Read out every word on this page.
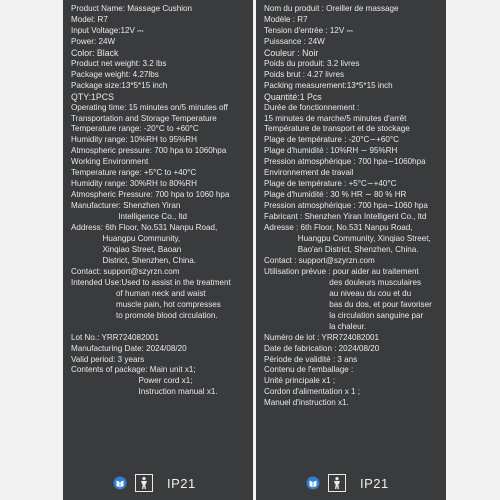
Product Name: Massage Cushion
Model: R7
Input Voltage:12V ⎓
Power: 24W
Color: Black
Product net weight: 3.2 lbs
Package weight: 4.27lbs
Package size:13*5*15 inch
QTY:1PCS
Operating time: 15 minutes on/5 minutes off
Transportation and Storage Temperature
Temperature range: -20°C to +60°C
Humidity range: 10%RH to 95%RH
Atmospheric pressure: 700 hpa to 1060hpa
Working Environment
Temperature range: +5°C to +40°C
Humidity range: 30%RH to 80%RH
Atmospheric Pressure: 700 hpa to 1060 hpa
Manufacturer: Shenzhen Yiran
Intelligence Co., ltd
Address: 6th Floor, No.531 Nanpu Road,
Huangpu Community,
Xinqiao Street, Baoan
District, Shenzhen, China.
Contact: support@szyrzn.com
Intended Use:Used to assist in the treatment
of human neck and waist
muscle pain, hot compresses
to promote blood circulation.

Lot No.: YRR724082001
Manufacturing Date: 2024/08/20
Valid period: 3 years
Contents of package: Main unit x1;
Power cord x1;
Instruction manual x1.
IP21
Nom du produit : Oreiller de massage
Modèle : R7
Tension d'entrée : 12V ⎓
Puissance : 24W
Couleur : Noir
Poids du produit: 3.2 livres
Poids brut : 4.27 livres
Packing measurement:13*5*15 inch
Quantité:1 Pcs
Durée de fonctionnement :
15 minutes de marche/5 minutes d'arrêt
Température de transport et de stockage
Plage de température : -20°C∼+60°C
Plage d'humidité : 10%RH ∼ 95%RH
Pression atmosphérique : 700 hpa∼1060hpa
Environnement de travail
Plage de température : +5°C∼+40°C
Plage d'humidité : 30 % HR ∼ 80 % HR
Pression atmosphérique : 700 hpa∼1060 hpa
Fabricant : Shenzhen Yiran Intelligent Co., ltd
Adresse : 6th Floor, No.531 Nanpu Road,
Huangpu Community, Xinqiao Street,
Bao'an District, Shenzhen, China.
Contact : support@szyrzn.com
Utilisation prévue : pour aider au traitement
des douleurs musculaires
au niveau du cou et du
bas du dos, et pour favoriser
la circulation sanguine par
la chaleur.
Numéro de lot : YRR724082001
Date de fabrication : 2024/08/20
Période de validité : 3 ans
Contenu de l'emballage :
Unité principale x1 ;
Cordon d'alimentation x 1 ;
Manuel d'instruction x1.
IP21
